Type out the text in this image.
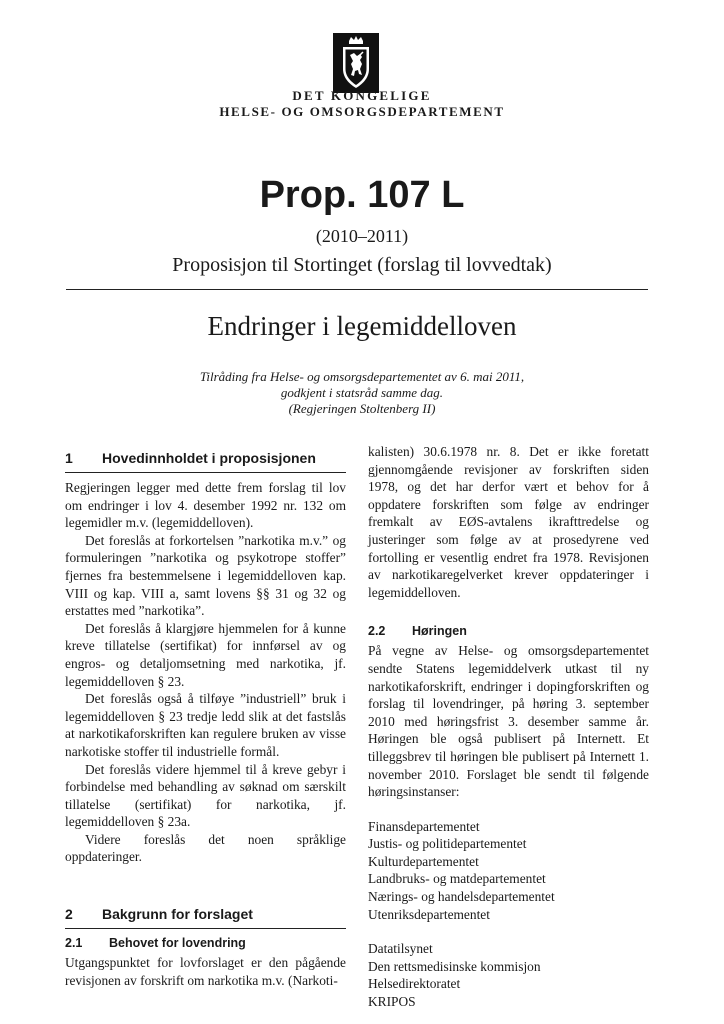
DET KONGELIGE
HELSE- OG OMSORGSDEPARTEMENT
Prop. 107 L
(2010–2011)
Proposisjon til Stortinget (forslag til lovvedtak)
Endringer i legemiddelloven
Tilråding fra Helse- og omsorgsdepartementet av 6. mai 2011,
godkjent i statsråd samme dag.
(Regjeringen Stoltenberg II)
1 Hovedinnholdet i proposisjonen

Regjeringen legger med dette frem forslag til lov om endringer i lov 4. desember 1992 nr. 132 om legemidler m.v. (legemiddelloven).

Det foreslås at forkortelsen ”narkotika m.v.” og formuleringen ”narkotika og psykotrope stoffer” fjernes fra bestemmelsene i legemiddelloven kap. VIII og kap. VIII a, samt lovens §§ 31 og 32 og erstattes med ”narkotika”.

Det foreslås å klargjøre hjemmelen for å kunne kreve tillatelse (sertifikat) for innførsel av og engros- og detaljomsetning med narkotika, jf. legemiddelloven § 23.

Det foreslås også å tilføye ”industriell” bruk i legemiddelloven § 23 tredje ledd slik at det fastslås at narkotikaforskriften kan regulere bruken av visse narkotiske stoffer til industrielle formål.

Det foreslås videre hjemmel til å kreve gebyr i forbindelse med behandling av søknad om særskilt tillatelse (sertifikat) for narkotika, jf. legemiddelloven § 23a.

Videre foreslås det noen språklige oppdateringer.

2 Bakgrunn for forslaget
2.1 Behovet for lovendring

Utgangspunktet for lovforslaget er den pågående revisjonen av forskrift om narkotika m.v. (Narkoti-

kalisten) 30.6.1978 nr. 8. Det er ikke foretatt gjennomgående revisjoner av forskriften siden 1978, og det har derfor vært et behov for å oppdatere forskriften som følge av endringer fremkalt av EØS-avtalens ikrafttredelse og justeringer som følge av at prosedyrene ved fortolling er vesentlig endret fra 1978. Revisjonen av narkotikaregelverket krever oppdateringer i legemiddelloven.

2.2 Høringen

På vegne av Helse- og omsorgsdepartementet sendte Statens legemiddelverk utkast til ny narkotikaforskrift, endringer i dopingforskriften og forslag til lovendringer, på høring 3. september 2010 med høringsfrist 3. desember samme år. Høringen ble også publisert på Internett. Et tilleggsbrev til høringen ble publisert på Internett 1. november 2010. Forslaget ble sendt til følgende høringsinstanser:

Finansdepartementet
Justis- og politidepartementet
Kulturdepartementet
Landbruks- og matdepartementet
Nærings- og handelsdepartementet
Utenriksdepartementet
Datatilsynet
Den rettsmedisinske kommisjon
Helsedirektoratet
KRIPOS
